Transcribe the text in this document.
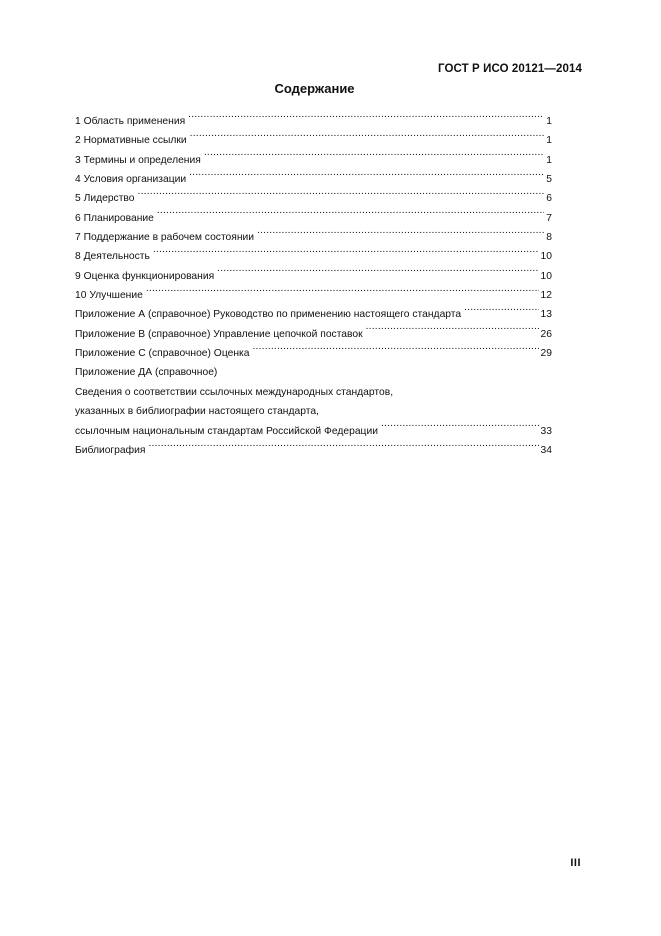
ГОСТ Р ИСО 20121—2014
Содержание
1 Область применения .....	1
2 Нормативные ссылки .....	1
3 Термины и определения .....	1
4 Условия организации .....	5
5 Лидерство .....	6
6 Планирование .....	7
7 Поддержание в рабочем состоянии .....	8
8 Деятельность .....	10
9 Оценка функционирования .....	10
10 Улучшение .....	12
Приложение А (справочное) Руководство по применению настоящего стандарта .....	13
Приложение В (справочное) Управление цепочкой поставок .....	26
Приложение С (справочное) Оценка .....	29
Приложение ДА (справочное)
Сведения о соответствии ссылочных международных стандартов,
указанных в библиографии настоящего стандарта,
ссылочным национальным стандартам Российской Федерации .....	33
Библиография .....	34
III
